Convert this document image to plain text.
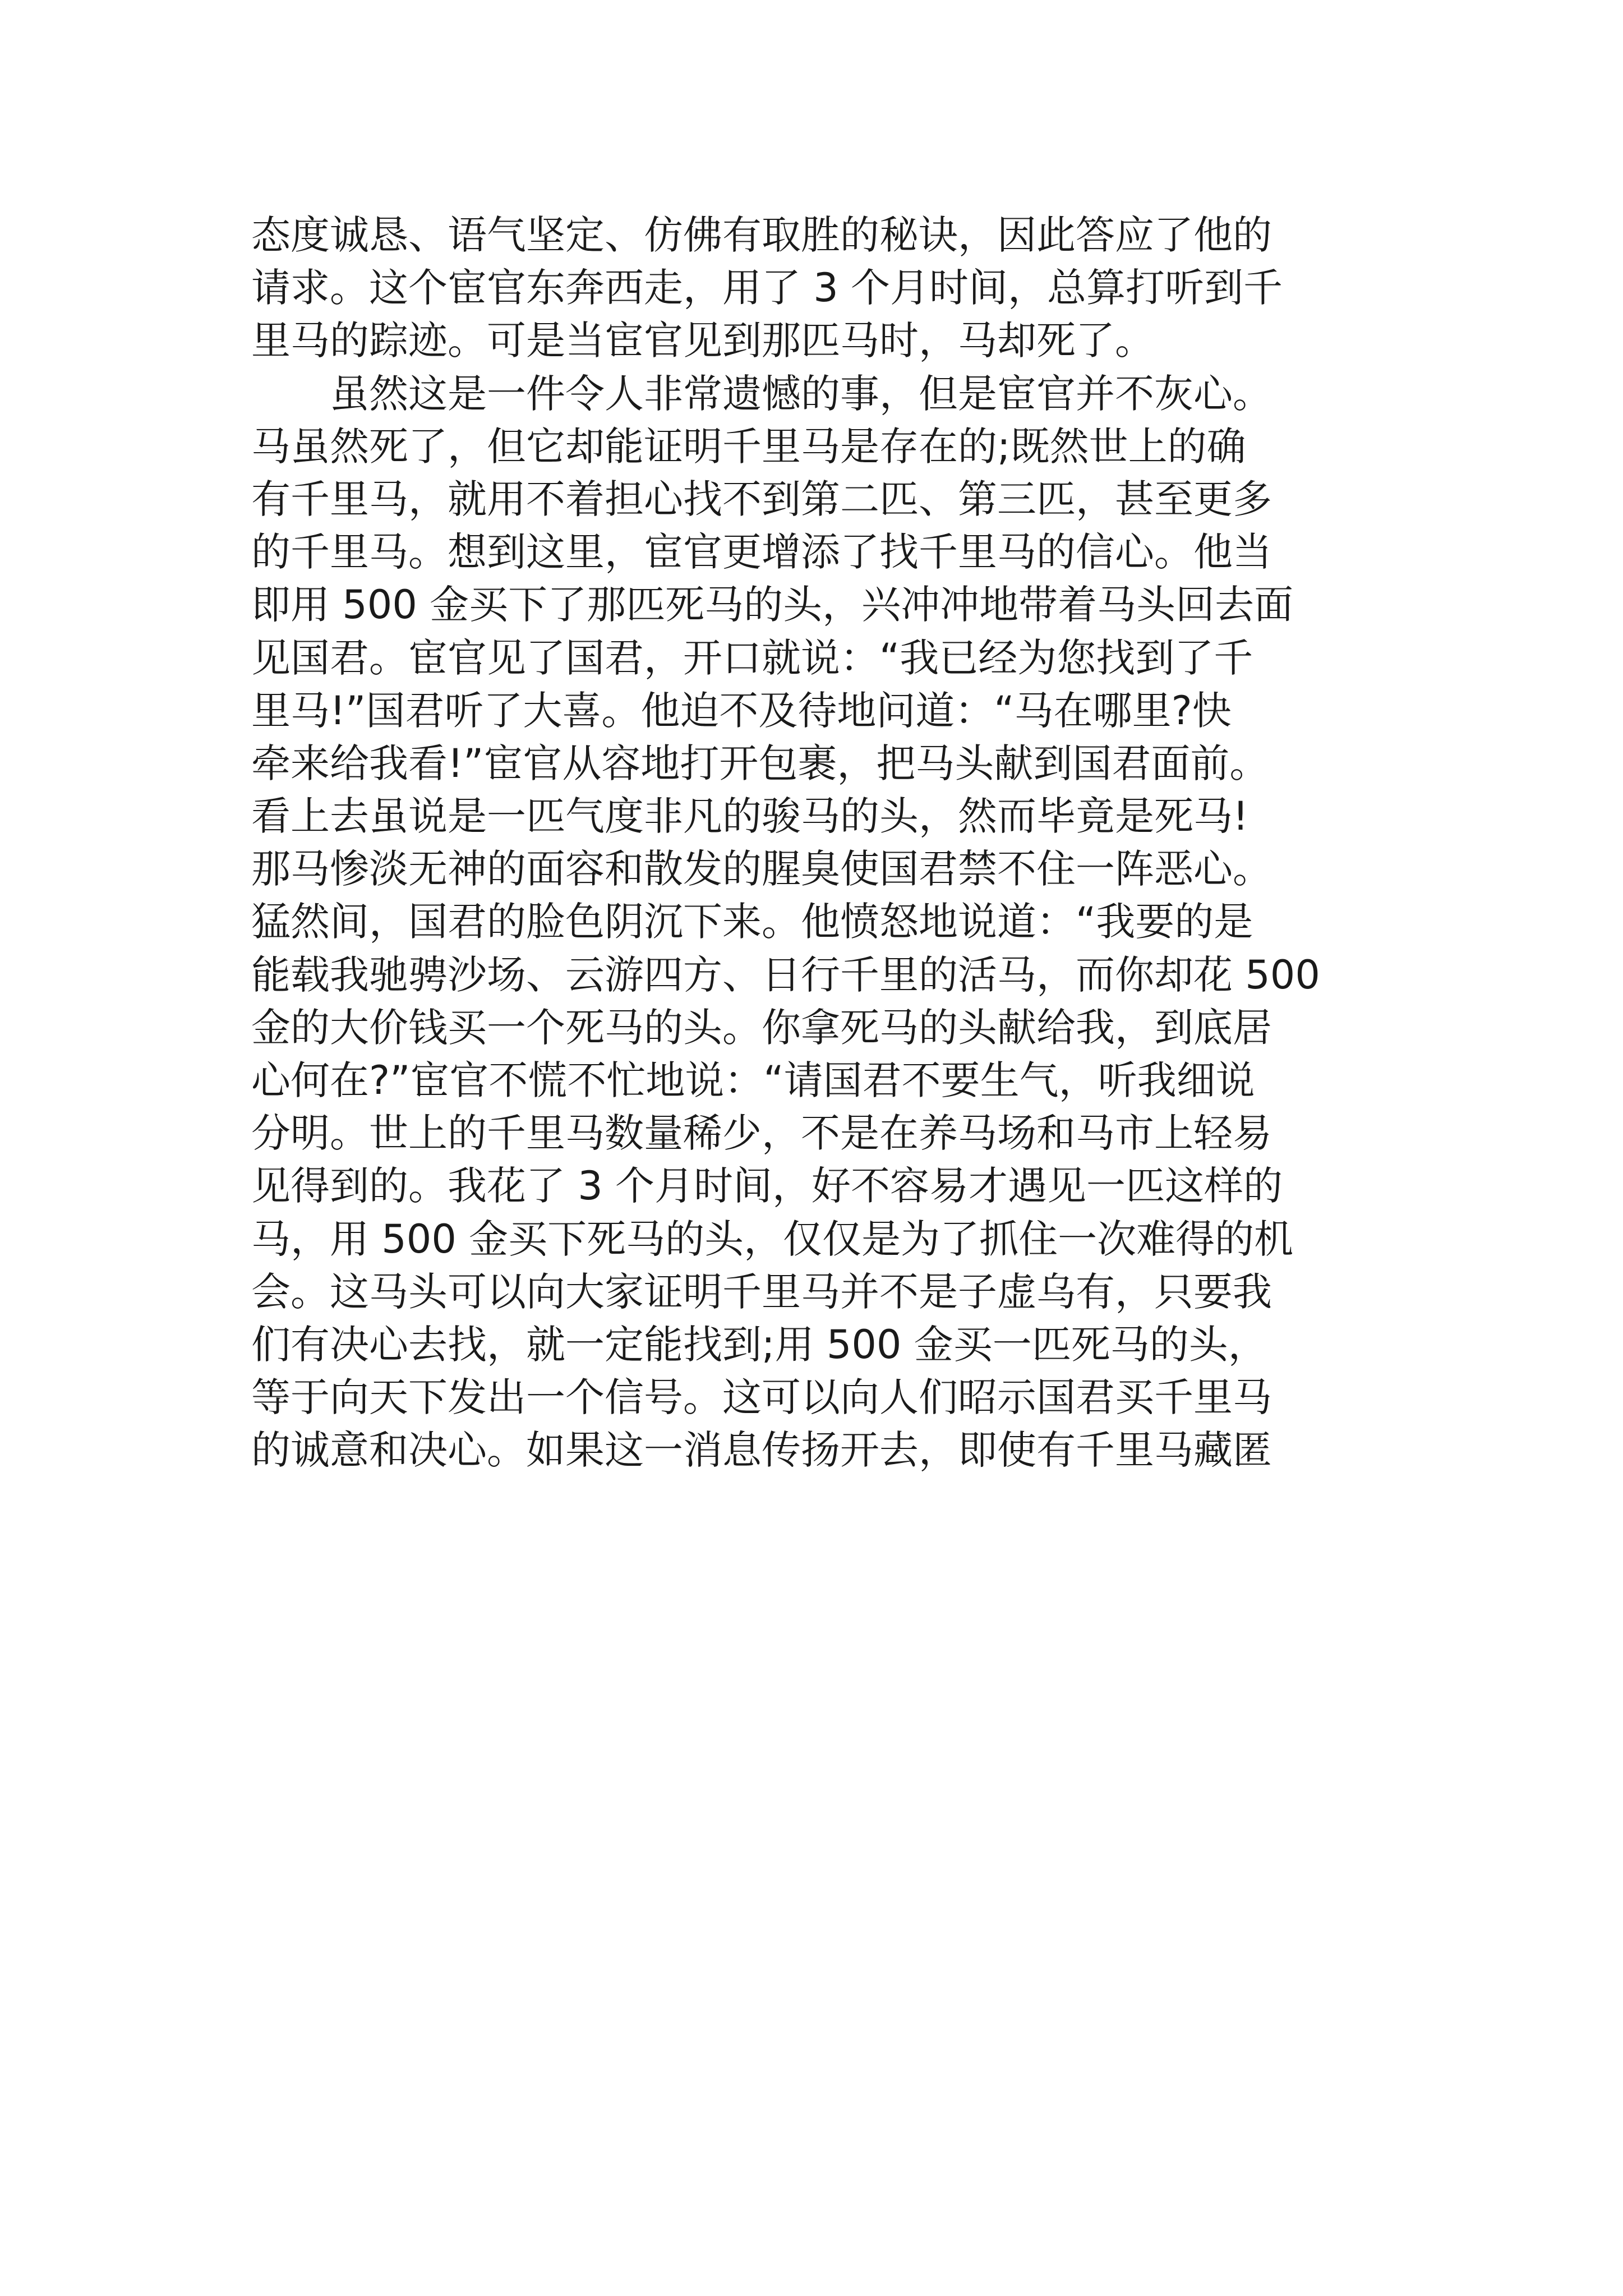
态度诚恳、语气坚定、仿佛有取胜的秘诀，因此答应了他的
请求。这个宦官东奔西走，用了 3 个月时间，总算打听到千
里马的踪迹。可是当宦官见到那匹马时，马却死了。
　　虽然这是一件令人非常遗憾的事，但是宦官并不灰心。
马虽然死了，但它却能证明千里马是存在的;既然世上的确
有千里马，就用不着担心找不到第二匹、第三匹，甚至更多
的千里马。想到这里，宦官更增添了找千里马的信心。他当
即用 500 金买下了那匹死马的头，兴冲冲地带着马头回去面
见国君。宦官见了国君，开口就说：“我已经为您找到了千
里马!”国君听了大喜。他迫不及待地问道：“马在哪里?快
牵来给我看!”宦官从容地打开包裹，把马头献到国君面前。
看上去虽说是一匹气度非凡的骏马的头，然而毕竟是死马!
那马惨淡无神的面容和散发的腥臭使国君禁不住一阵恶心。
猛然间，国君的脸色阴沉下来。他愤怒地说道：“我要的是
能载我驰骋沙场、云游四方、日行千里的活马，而你却花 500
金的大价钱买一个死马的头。你拿死马的头献给我，到底居
心何在?”宦官不慌不忙地说：“请国君不要生气，听我细说
分明。世上的千里马数量稀少，不是在养马场和马市上轻易
见得到的。我花了 3 个月时间，好不容易才遇见一匹这样的
马，用 500 金买下死马的头，仅仅是为了抓住一次难得的机
会。这马头可以向大家证明千里马并不是子虚乌有，只要我
们有决心去找，就一定能找到;用 500 金买一匹死马的头，
等于向天下发出一个信号。这可以向人们昭示国君买千里马
的诚意和决心。如果这一消息传扬开去，即使有千里马藏匿
